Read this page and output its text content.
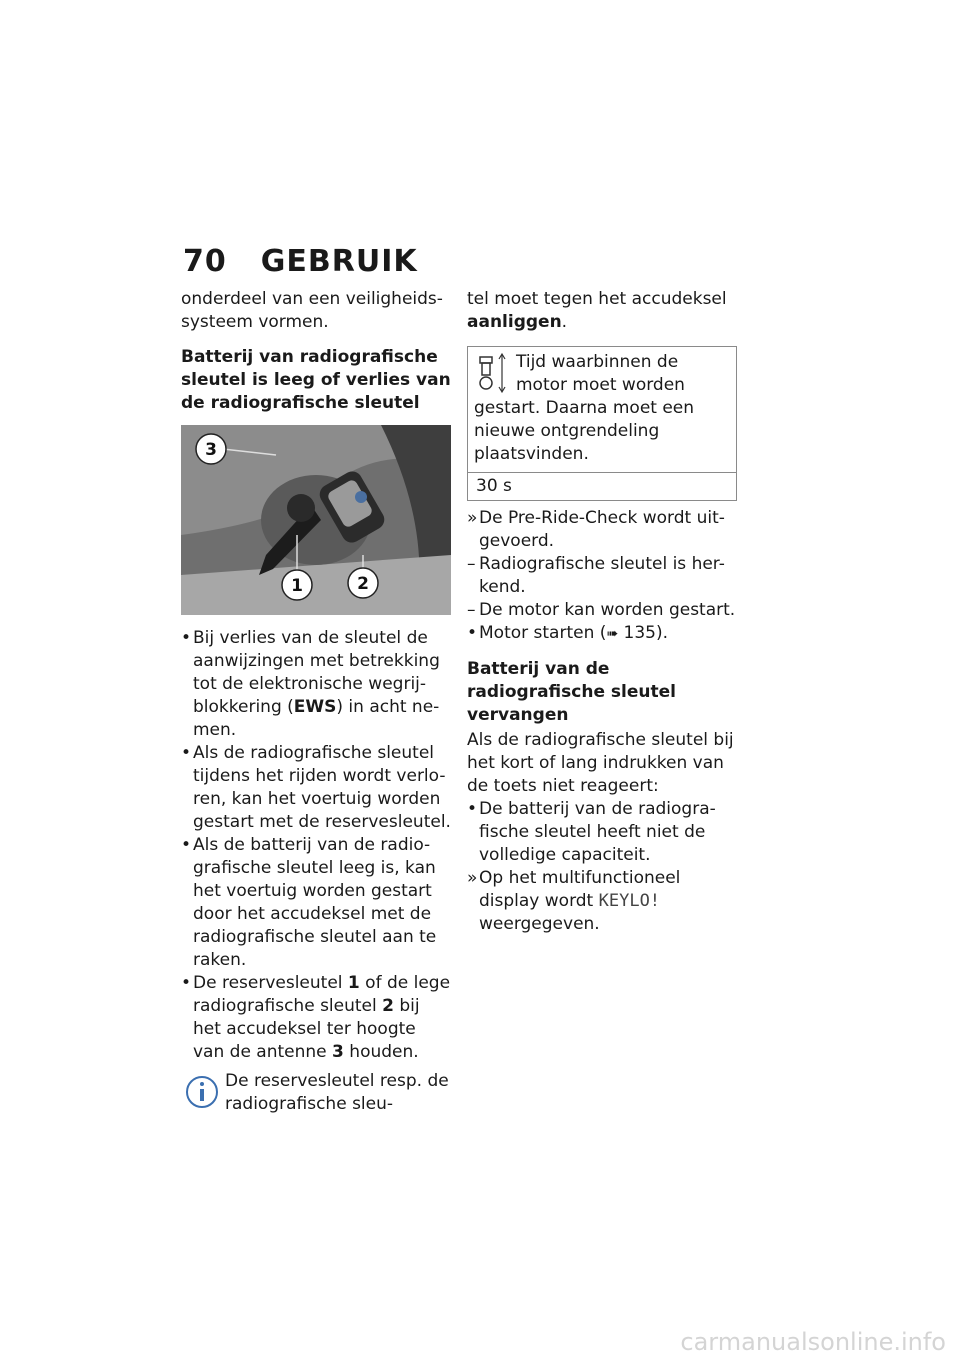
70 GEBRUIK

onderdeel van een veiligheids-systeem vormen.

Batterij van radiografische sleutel is leeg of verlies van de radiografische sleutel
3
1	2
• Bij verlies van de sleutel de aanwijzingen met betrekking tot de elektronische wegrij-blokkering (EWS) in acht ne-men.
• Als de radiografische sleutel tijdens het rijden wordt verlo-ren, kan het voertuig worden gestart met de reservesleutel.
• Als de batterij van de radio-grafische sleutel leeg is, kan het voertuig worden gestart door het accudeksel met de radiografische sleutel aan te raken.
• De reservesleutel 1 of de lege radiografische sleutel 2 bij het accudeksel ter hoogte van de antenne 3 houden.
De reservesleutel resp. de radiografische sleu-

tel moet tegen het accudeksel aanliggen.

Tijd waarbinnen de motor moet worden gestart. Daarna moet een nieuwe ontgrendeling plaatsvinden.
30 s
» De Pre-Ride-Check wordt uit-gevoerd.
– Radiografische sleutel is her-kend.
– De motor kan worden gestart.
• Motor starten (➠ 135).
Batterij van de radiografische sleutel vervangen

Als de radiografische sleutel bij het kort of lang indrukken van de toets niet reageert:

• De batterij van de radiogra-fische sleutel heeft niet de volledige capaciteit.
» Op het multifunctioneel display wordt KEYLO! weergegeven.
carmanualsonline.info
